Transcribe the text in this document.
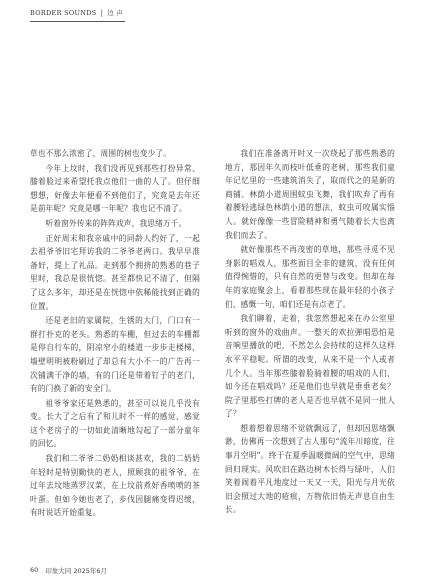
BORDER SOUNDS | 边 声

草也不那么浓密了，周围的树也变少了。

今年上坟时，我们没再见到那些打扮异常、膝着脸过来希望托我点他们一曲的人了。但仔细想想，好像去年便看不到他们了，究竟是去年还是前年呢？究竟是哪一年呢？我也记不清了。

听着窗外传来的阵阵戏声，我思绪万千。

正好周末和我亲戚中的同龄人约好了，一起去祖爷爷旧宅拜访我的二爷爷老两口。我早早准备好，提上了礼品。走到那个拥挤的熟悉的巷子里时，我总是很恍惚。甚至都快记不清了，但隔了这么多年，却还是在恍惚中依稀能找到正确的位置。

还是老旧的家属院，生锈的大门，门口有一群打扑克的老头。熟悉的车棚，但过去的车棚都是停自行车的，阴凉窄小的楼道一步步走楼梯，墙壁明明被粉刷过了却总有大小不一的广告再一次铺满干净的墙，有的门还是带着钉子的老门，有的门换了新的安全门。

祖爷爷家还是熟悉的，甚至可以说几乎没有变。长大了之后有了和儿时不一样的感觉，感觉这个老房子的一切如此清晰地勾起了一部分童年的回忆。

我们和二爷爷二奶奶相谈甚欢，我的二奶奶年轻时是特别勤快的老人，照顾我的祖爷爷，在过年去坟地蒸罗汉菜，在上坟前煮好香喷喷的茶叶蛋。但如今她也老了，步伐因腿痛变得迟缓，有时说话开始重复。

我们在准备离开时又一次绕起了那些熟悉的地方，那因年久而枝叶低垂的老树，那些我们童年记忆里的一些建筑消失了，取而代之的是新的商铺。林荫小道周围蚊虫飞舞，我们吹弃了再有着腰轻逃绿色林荫小道的想法，蚊虫可咬属实惱人。就好像像一些冒险精神和勇气随着长大也离我们而去了。

就好像那些不再茂密的草地，那些寻觅不见身影的唱戏人，那些面目全非的建筑，没有任何值得惋惜的，只有自然的更替与改变。但却在每年的家庭聚会上，看着那些现在最年轻的小孩子们，感慨一句，咱们还是有点老了。

我们聊着，走着，我忽然想起来在办公室里听到的窗外的戏曲声。一整天的欢拉弹唱恐怕是音响里播放的吧，不然怎么会持续的这样久这样水平平稳呢。所谓的改变，从来不是一个人或者几个人。当年那些膝着脸骑着腰的唱戏的人们，如今还在唱戏吗？还是他们也早就是垂垂老矣？院子里那些打牌的老人是否也早就不是同一批人了？

想着想着思绪不觉就飘远了，但却因思绪飘渺，仿佛再一次想到了古人那句“流年川暗度，往事月空明”。终于在夏季温暖微阔的空气中，思绪回归现实。风吹旧在路边树木长得与绿叶，人们笑着闹着平凡地度过一天又一天，阳光与月光依旧会照过大地的疮痕，万物依旧悄无声息自由生长。

60 印象大同 2025年6月
